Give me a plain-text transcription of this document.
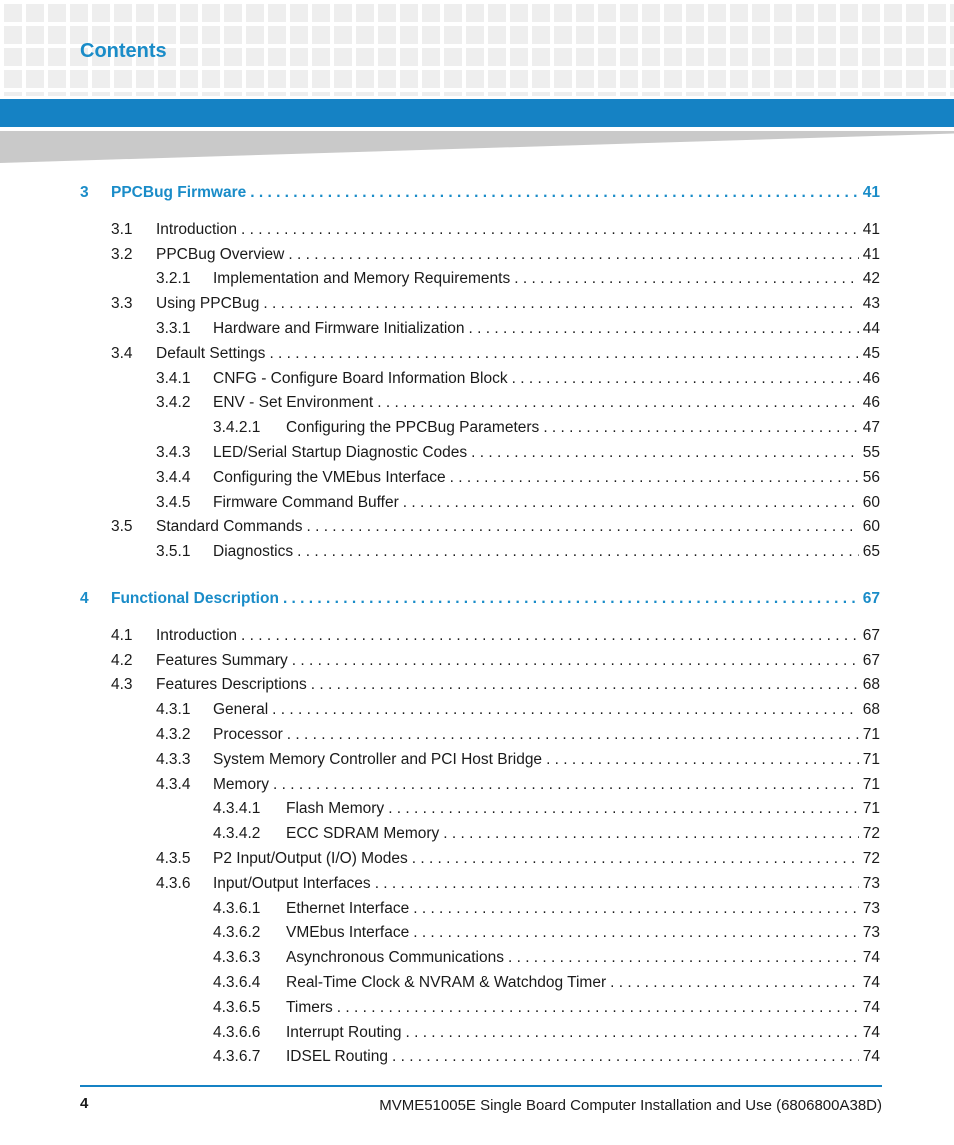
Contents
3 PPCBug Firmware . . .	41
3.1 Introduction . . .	41
3.2 PPCBug Overview . . .	41
3.2.1 Implementation and Memory Requirements . . .	42
3.3 Using PPCBug . . .	43
3.3.1 Hardware and Firmware Initialization . . .	44
3.4 Default Settings . . .	45
3.4.1 CNFG - Configure Board Information Block . . .	46
3.4.2 ENV - Set Environment . . .	46
3.4.2.1 Configuring the PPCBug Parameters . . .	47
3.4.3 LED/Serial Startup Diagnostic Codes . . .	55
3.4.4 Configuring the VMEbus Interface . . .	56
3.4.5 Firmware Command Buffer . . .	60
3.5 Standard Commands . . .	60
3.5.1 Diagnostics . . .	65
4 Functional Description . . .	67
4.1 Introduction . . .	67
4.2 Features Summary . . .	67
4.3 Features Descriptions . . .	68
4.3.1 General . . .	68
4.3.2 Processor . . .	71
4.3.3 System Memory Controller and PCI Host Bridge . . .	71
4.3.4 Memory . . .	71
4.3.4.1 Flash Memory . . .	71
4.3.4.2 ECC SDRAM Memory . . .	72
4.3.5 P2 Input/Output (I/O) Modes . . .	72
4.3.6 Input/Output Interfaces . . .	73
4.3.6.1 Ethernet Interface . . .	73
4.3.6.2 VMEbus Interface . . .	73
4.3.6.3 Asynchronous Communications . . .	74
4.3.6.4 Real-Time Clock & NVRAM & Watchdog Timer . . .	74
4.3.6.5 Timers . . .	74
4.3.6.6 Interrupt Routing . . .	74
4.3.6.7 IDSEL Routing . . .	74
4	MVME51005E Single Board Computer Installation and Use (6806800A38D)
